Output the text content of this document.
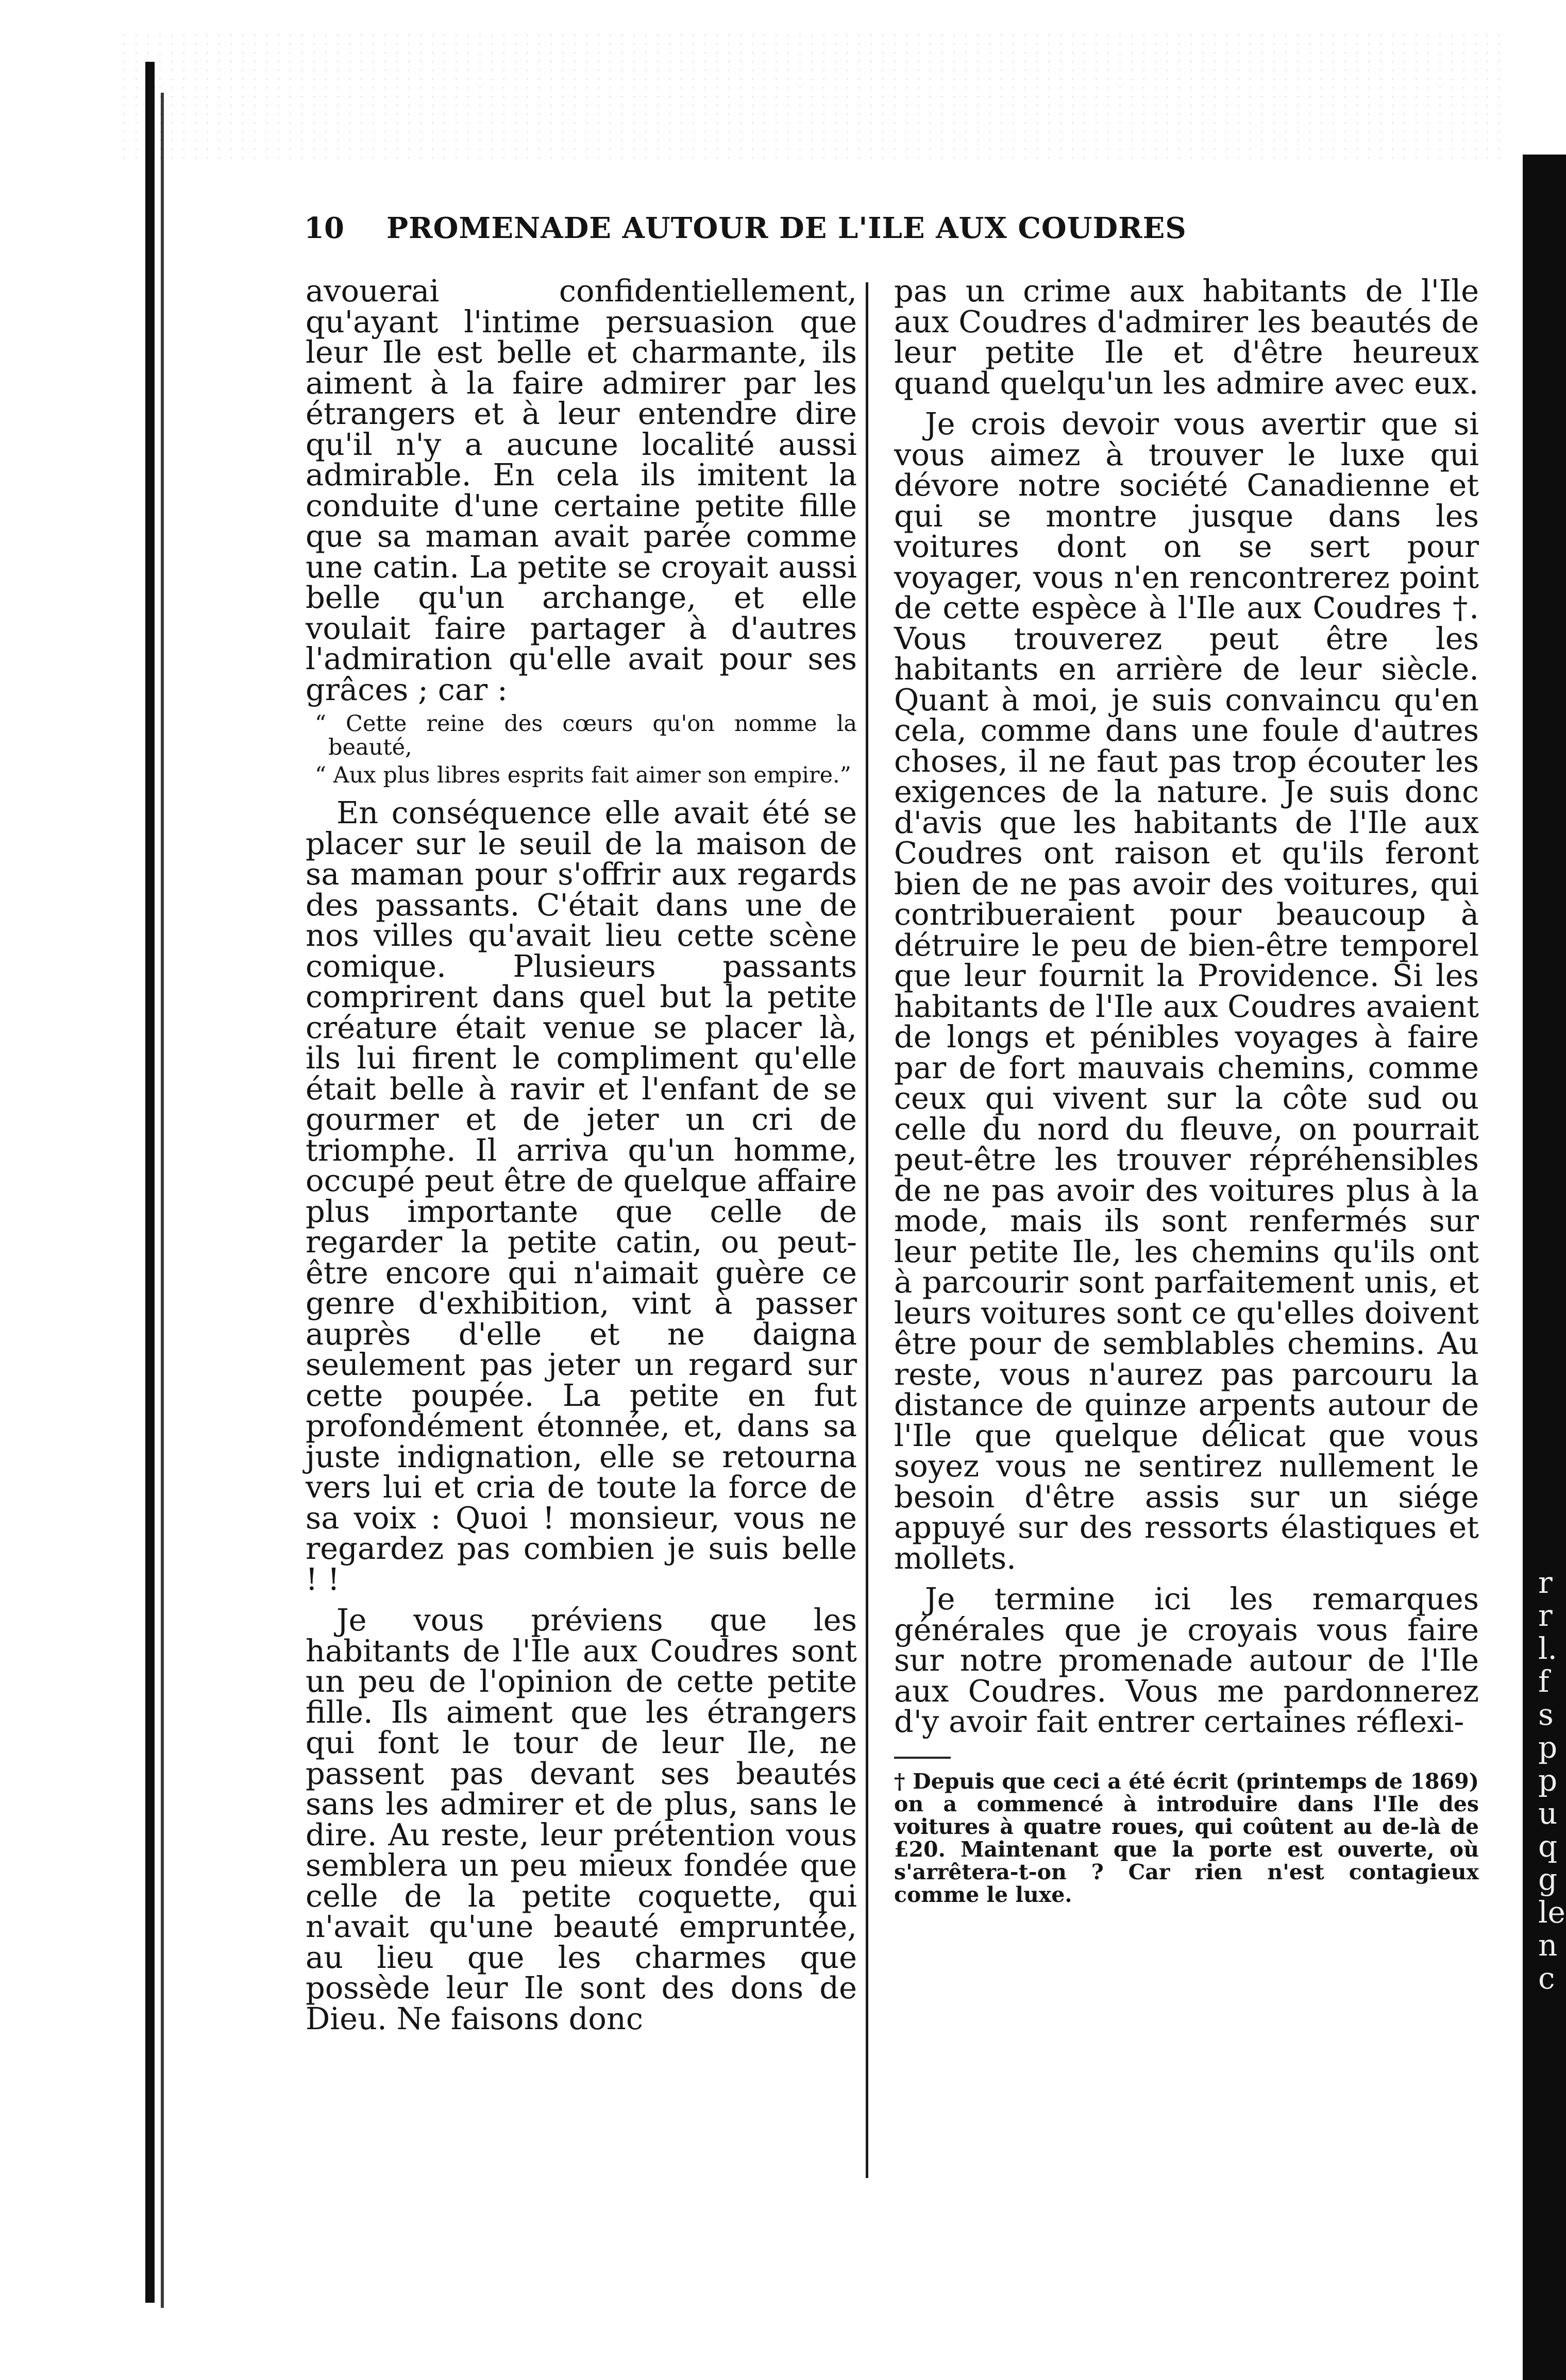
10	PROMENADE AUTOUR DE L'ILE AUX COUDRES

avouerai confidentiellement, qu'ayant l'intime persuasion que leur Ile est belle et charmante, ils aiment à la faire admirer par les étrangers et à leur entendre dire qu'il n'y a aucune localité aussi admirable. En cela ils imitent la conduite d'une certaine petite fille que sa maman avait parée comme une catin. La petite se croyait aussi belle qu'un archange, et elle voulait faire partager à d'autres l'admiration qu'elle avait pour ses grâces ; car :

“ Cette reine des cœurs qu'on nomme la beauté,

“ Aux plus libres esprits fait aimer son empire.”

En conséquence elle avait été se placer sur le seuil de la maison de sa maman pour s'offrir aux regards des passants. C'était dans une de nos villes qu'avait lieu cette scène comique. Plusieurs passants comprirent dans quel but la petite créature était venue se placer là, ils lui firent le compliment qu'elle était belle à ravir et l'enfant de se gourmer et de jeter un cri de triomphe. Il arriva qu'un homme, occupé peut être de quelque affaire plus importante que celle de regarder la petite catin, ou peut-être encore qui n'aimait guère ce genre d'exhibition, vint à passer auprès d'elle et ne daigna seulement pas jeter un regard sur cette poupée. La petite en fut profondément étonnée, et, dans sa juste indignation, elle se retourna vers lui et cria de toute la force de sa voix : Quoi ! monsieur, vous ne regardez pas combien je suis belle ! !

Je vous préviens que les habitants de l'Ile aux Coudres sont un peu de l'opinion de cette petite fille. Ils aiment que les étrangers qui font le tour de leur Ile, ne passent pas devant ses beautés sans les admirer et de plus, sans le dire. Au reste, leur prétention vous semblera un peu mieux fondée que celle de la petite coquette, qui n'avait qu'une beauté empruntée, au lieu que les charmes que possède leur Ile sont des dons de Dieu. Ne faisons donc

pas un crime aux habitants de l'Ile aux Coudres d'admirer les beautés de leur petite Ile et d'être heureux quand quelqu'un les admire avec eux.

Je crois devoir vous avertir que si vous aimez à trouver le luxe qui dévore notre société Canadienne et qui se montre jusque dans les voitures dont on se sert pour voyager, vous n'en rencontrerez point de cette espèce à l'Ile aux Coudres †. Vous trouverez peut être les habitants en arrière de leur siècle. Quant à moi, je suis convaincu qu'en cela, comme dans une foule d'autres choses, il ne faut pas trop écouter les exigences de la nature. Je suis donc d'avis que les habitants de l'Ile aux Coudres ont raison et qu'ils feront bien de ne pas avoir des voitures, qui contribueraient pour beaucoup à détruire le peu de bien-être temporel que leur fournit la Providence. Si les habitants de l'Ile aux Coudres avaient de longs et pénibles voyages à faire par de fort mauvais chemins, comme ceux qui vivent sur la côte sud ou celle du nord du fleuve, on pourrait peut-être les trouver répréhensibles de ne pas avoir des voitures plus à la mode, mais ils sont renfermés sur leur petite Ile, les chemins qu'ils ont à parcourir sont parfaitement unis, et leurs voitures sont ce qu'elles doivent être pour de semblables chemins. Au reste, vous n'aurez pas parcouru la distance de quinze arpents autour de l'Ile que quelque délicat que vous soyez vous ne sentirez nullement le besoin d'être assis sur un siége appuyé sur des ressorts élastiques et mollets.

Je termine ici les remarques générales que je croyais vous faire sur notre promenade autour de l'Ile aux Coudres. Vous me pardonnerez d'y avoir fait entrer certaines réflexi-

† Depuis que ceci a été écrit (printemps de 1869) on a commencé à introduire dans l'Ile des voitures à quatre roues, qui coûtent au de-là de £20. Maintenant que la porte est ouverte, où s'arrêtera-t-on ? Car rien n'est contagieux comme le luxe.

r
r
l.
f
s
p
p
u
q
g
le
n
c
